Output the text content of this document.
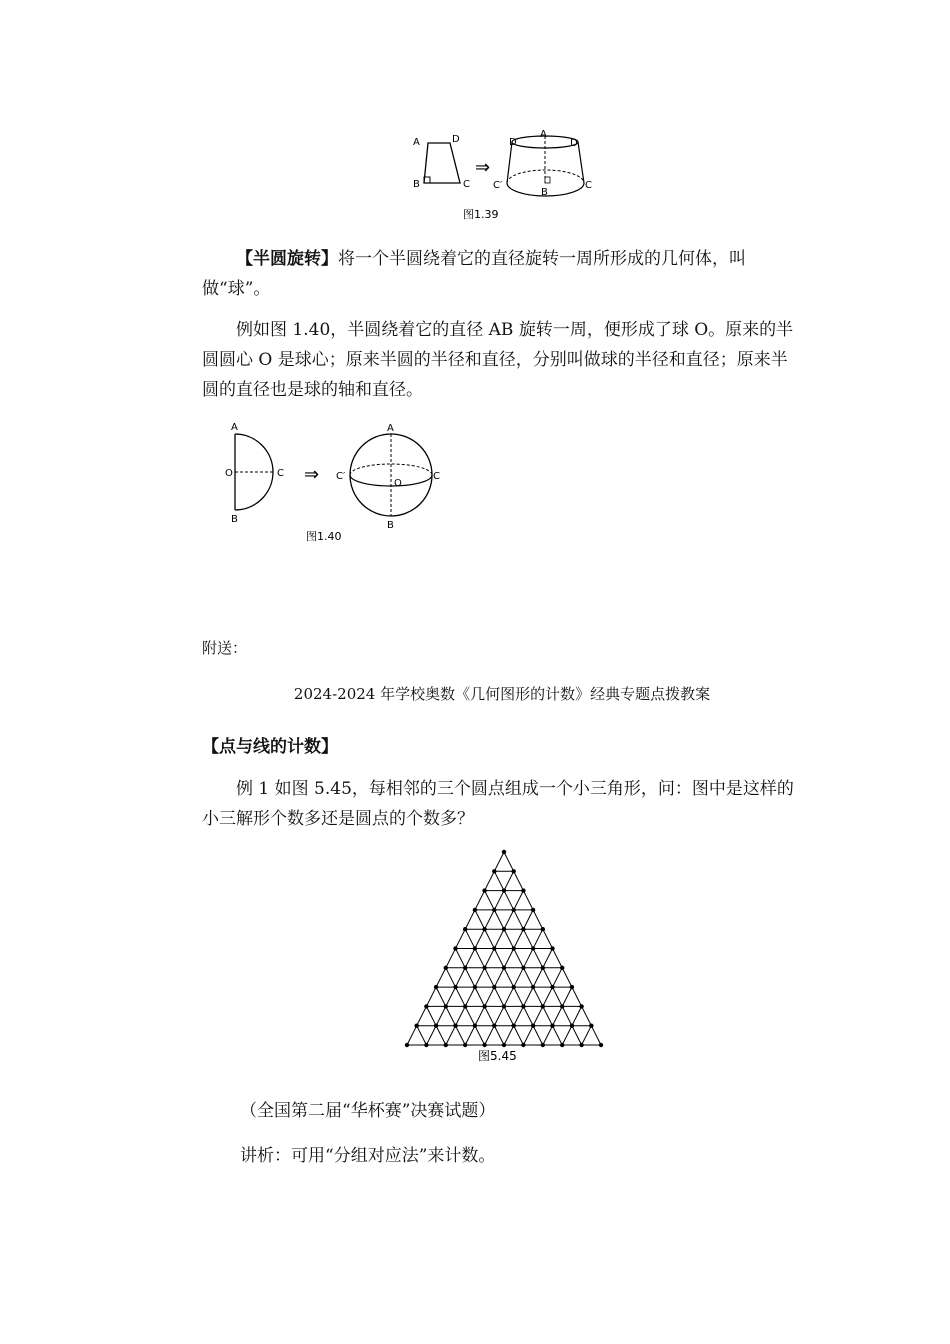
A	D
B	C
⇒
A
D′	D
C′	C
B
图1.39
【半圆旋转】将一个半圆绕着它的直径旋转一周所形成的几何体，叫做“球”。
例如图 1.40，半圆绕着它的直径 AB 旋转一周，便形成了球 O。原来的半圆圆心 O 是球心；原来半圆的半径和直径，分别叫做球的半径和直径；原来半圆的直径也是球的轴和直径。
A
O	C
B
⇒
A
C′
O
C
B
图1.40
附送：
2024-2024 年学校奥数《几何图形的计数》经典专题点拨教案
【点与线的计数】
例 1 如图 5.45，每相邻的三个圆点组成一个小三角形，问：图中是这样的小三解形个数多还是圆点的个数多？
图5.45
（全国第二届“华杯赛”决赛试题）
讲析：可用“分组对应法”来计数。
